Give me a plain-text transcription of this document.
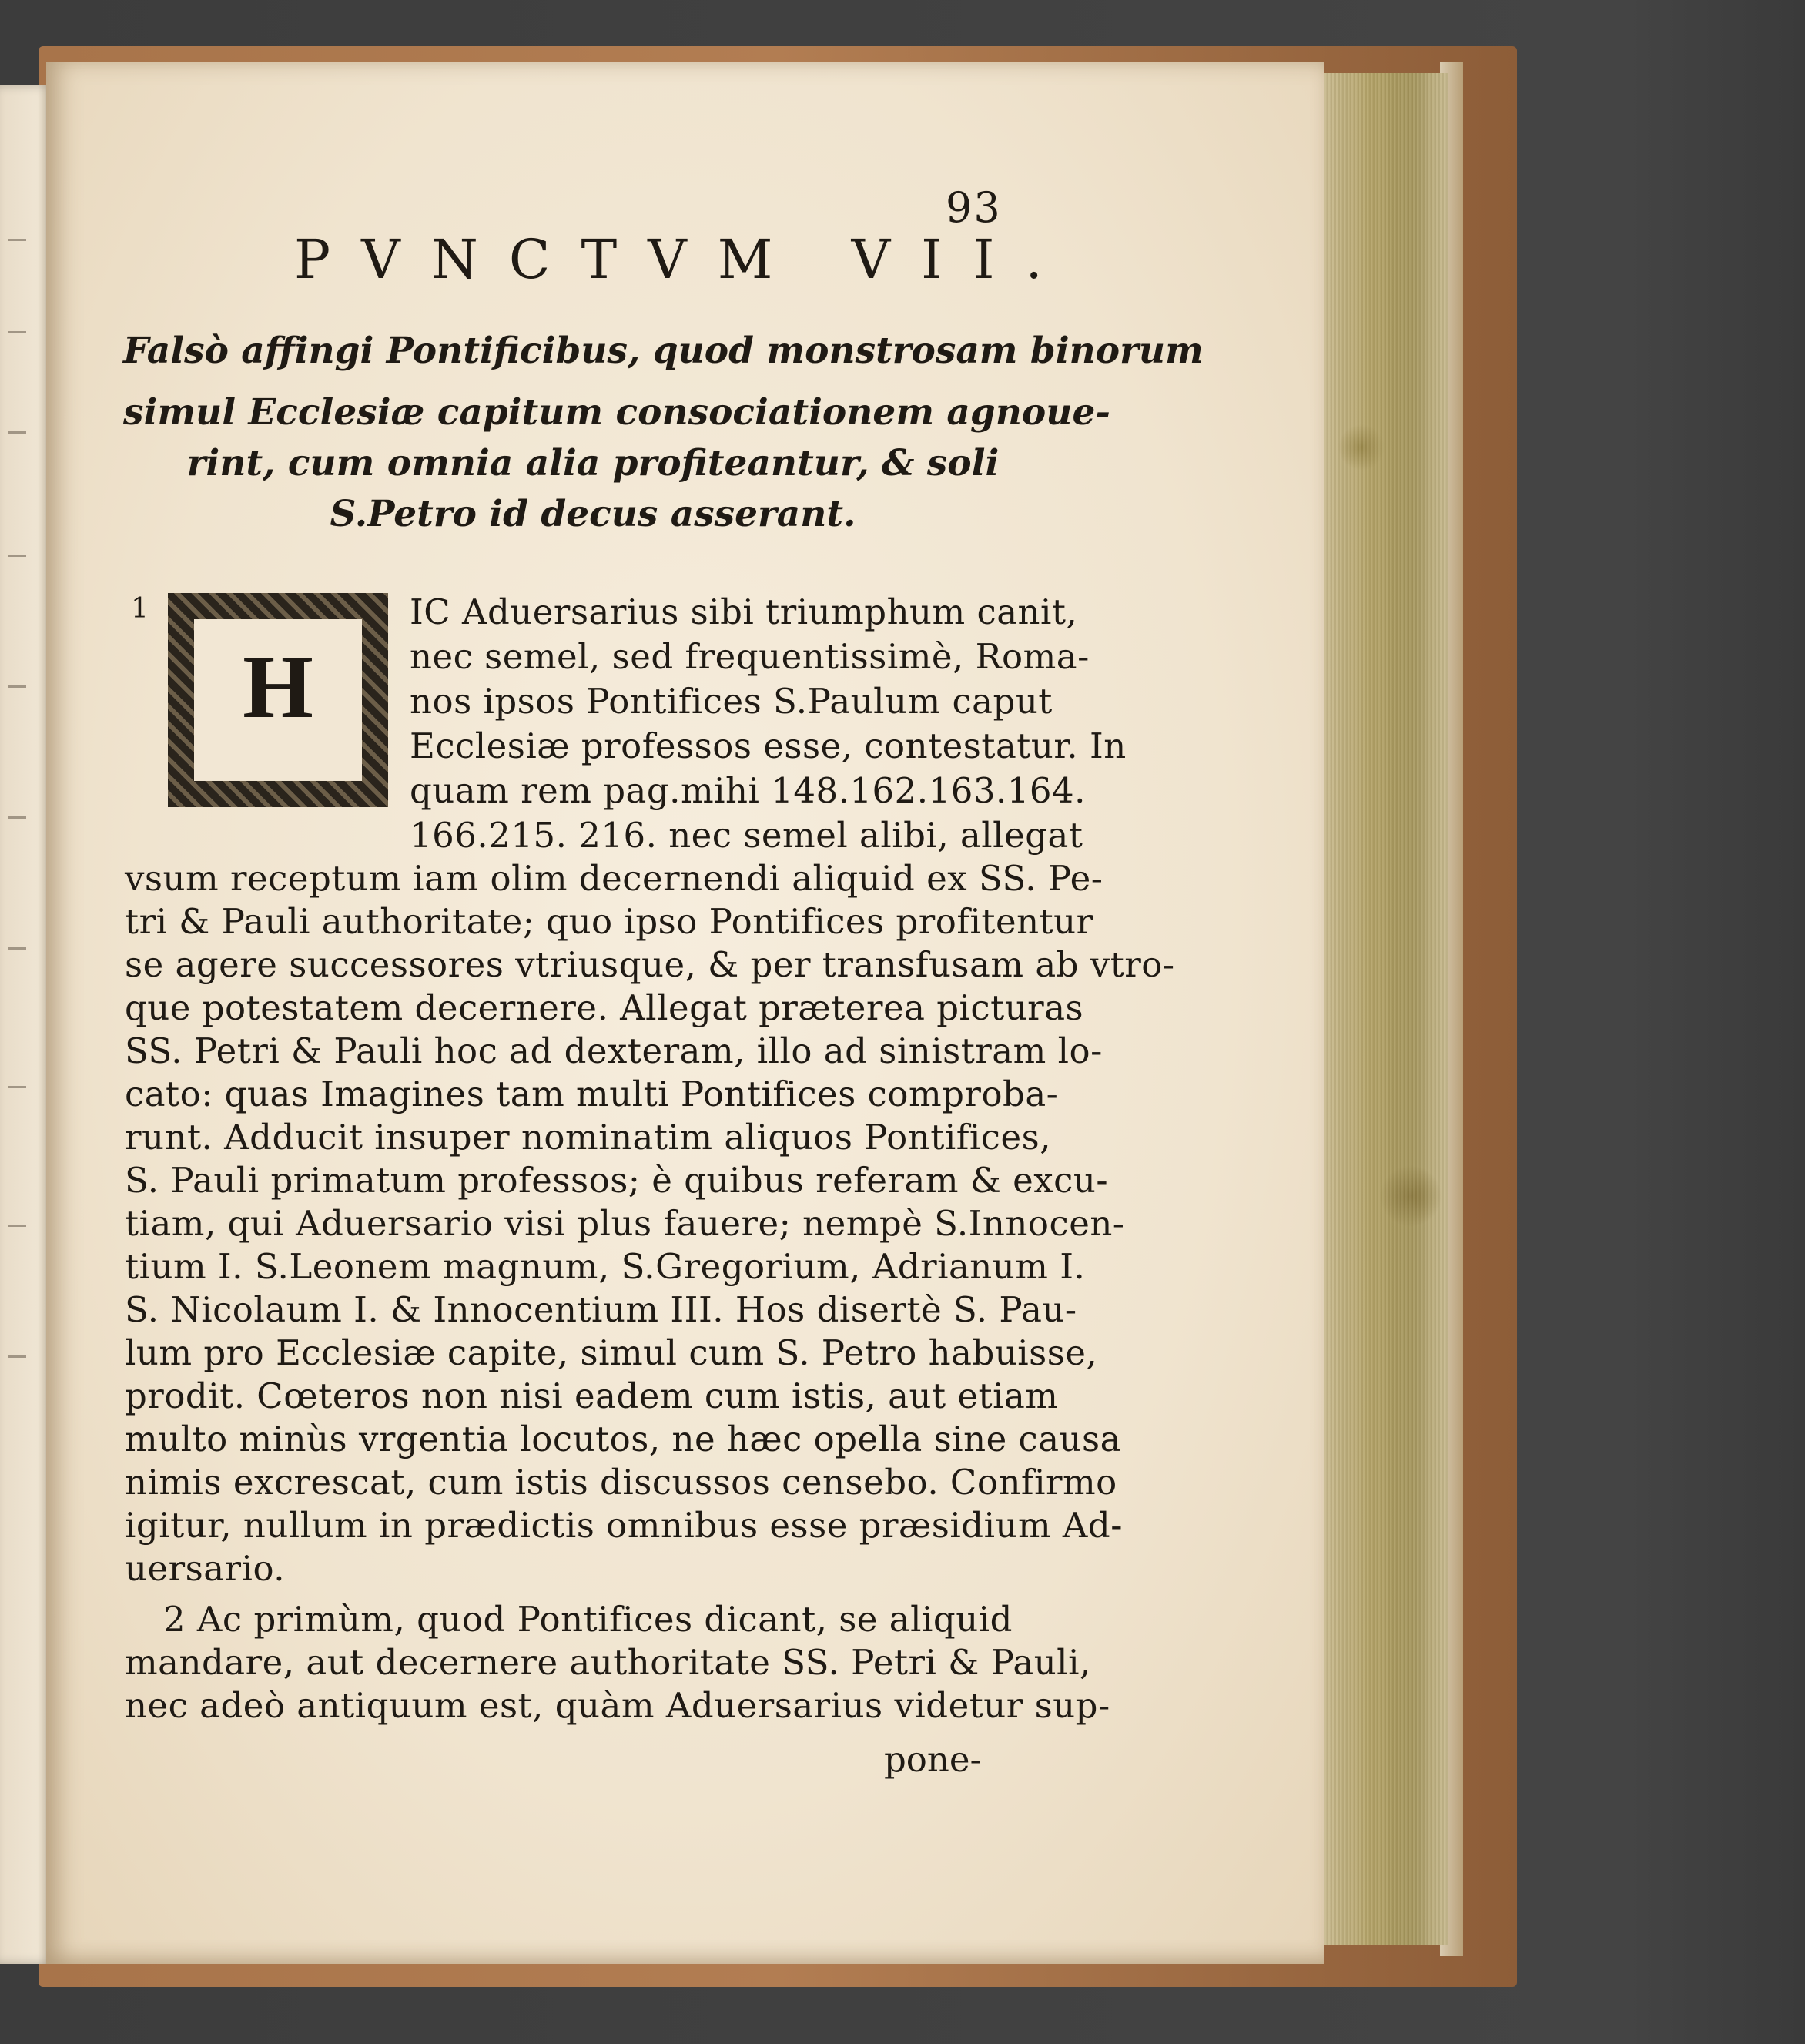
93
PVNCTVM VII.
Falsò affingi Pontificibus, quod monstrosam binorum
simul Ecclesiæ capitum consociationem agnoue-
rint, cum omnia alia profiteantur, & soli
S.Petro id decus asserant.
1
H
IC Aduersarius sibi triumphum canit,
nec semel, sed frequentissimè, Roma-
nos ipsos Pontifices S.Paulum caput
Ecclesiæ professos esse, contestatur. In
quam rem pag.mihi 148.162.163.164.
166.215. 216. nec semel alibi, allegat
vsum receptum iam olim decernendi aliquid ex SS. Pe-
tri & Pauli authoritate; quo ipso Pontifices profitentur
se agere successores vtriusque, & per transfusam ab vtro-
que potestatem decernere. Allegat præterea picturas
SS. Petri & Pauli hoc ad dexteram, illo ad sinistram lo-
cato: quas Imagines tam multi Pontifices comproba-
runt. Adducit insuper nominatim aliquos Pontifices,
S. Pauli primatum professos; è quibus referam & excu-
tiam, qui Aduersario visi plus fauere; nempè S.Innocen-
tium I. S.Leonem magnum, S.Gregorium, Adrianum I.
S. Nicolaum I. & Innocentium III. Hos disertè S. Pau-
lum pro Ecclesiæ capite, simul cum S. Petro habuisse,
prodit. Cœteros non nisi eadem cum istis, aut etiam
multo minùs vrgentia locutos, ne hæc opella sine causa
nimis excrescat, cum istis discussos censebo. Confirmo
igitur, nullum in prædictis omnibus esse præsidium Ad-
uersario.
2 Ac primùm, quod Pontifices dicant, se aliquid
mandare, aut decernere authoritate SS. Petri & Pauli,
nec adeò antiquum est, quàm Aduersarius videtur sup-
pone-
